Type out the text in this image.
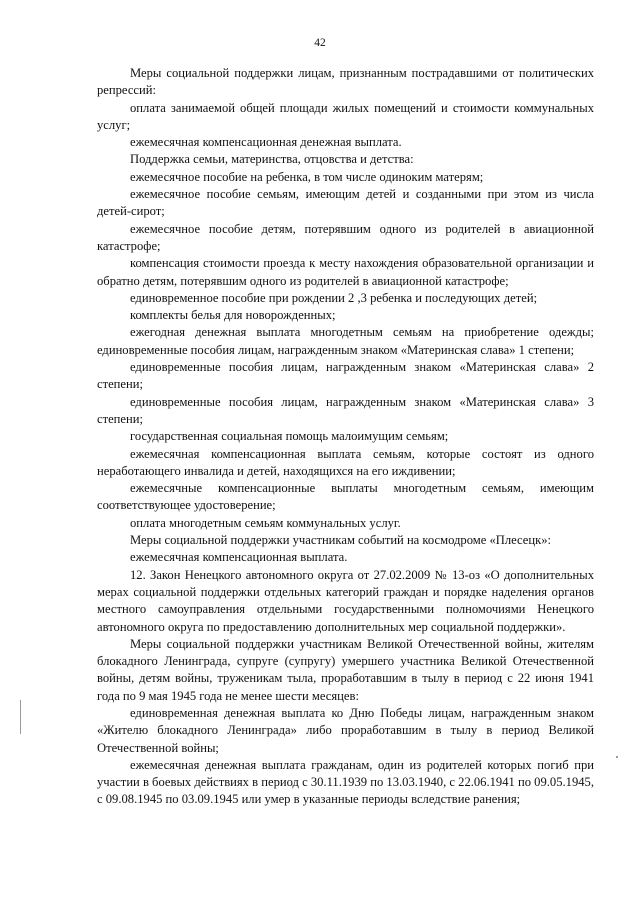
42

Меры социальной поддержки лицам, признанным пострадавшими от политических репрессий:

оплата занимаемой общей площади жилых помещений и стоимости коммунальных услуг;

ежемесячная компенсационная денежная выплата.

Поддержка семьи, материнства, отцовства и детства:

ежемесячное пособие на ребенка, в том числе одиноким матерям;

ежемесячное пособие семьям, имеющим детей и созданными при этом из числа детей-сирот;

ежемесячное пособие детям, потерявшим одного из родителей в авиационной катастрофе;

компенсация стоимости проезда к месту нахождения образовательной организации и обратно детям, потерявшим одного из родителей в авиационной катастрофе;

единовременное пособие при рождении 2 ,3 ребенка и последующих детей;

комплекты белья для новорожденных;

ежегодная денежная выплата многодетным семьям на приобретение одежды; единовременные пособия лицам, награжденным знаком «Материнская слава» 1 степени;

единовременные пособия лицам, награжденным знаком «Материнская слава» 2 степени;

единовременные пособия лицам, награжденным знаком «Материнская слава» 3 степени;

государственная социальная помощь малоимущим семьям;

ежемесячная компенсационная выплата семьям, которые состоят из одного неработающего инвалида и детей, находящихся на его иждивении;

ежемесячные компенсационные выплаты многодетным семьям, имеющим соответствующее удостоверение;

оплата многодетным семьям коммунальных услуг.

Меры социальной поддержки участникам событий на космодроме «Плесецк»:

ежемесячная компенсационная выплата.

12. Закон Ненецкого автономного округа от 27.02.2009 № 13-оз «О дополнительных мерах социальной поддержки отдельных категорий граждан и порядке наделения органов местного самоуправления отдельными государственными полномочиями Ненецкого автономного округа по предоставлению дополнительных мер социальной поддержки».

Меры социальной поддержки участникам Великой Отечественной войны, жителям блокадного Ленинграда, супруге (супругу) умершего участника Великой Отечественной войны, детям войны, труженикам тыла, проработавшим в тылу в период с 22 июня 1941 года по 9 мая 1945 года не менее шести месяцев:

единовременная денежная выплата ко Дню Победы лицам, награжденным знаком «Жителю блокадного Ленинграда» либо проработавшим в тылу в период Великой Отечественной войны;

ежемесячная денежная выплата гражданам, один из родителей которых погиб при участии в боевых действиях в период с 30.11.1939 по 13.03.1940, с 22.06.1941 по 09.05.1945, с 09.08.1945 по 03.09.1945 или умер в указанные периоды вследствие ранения;
